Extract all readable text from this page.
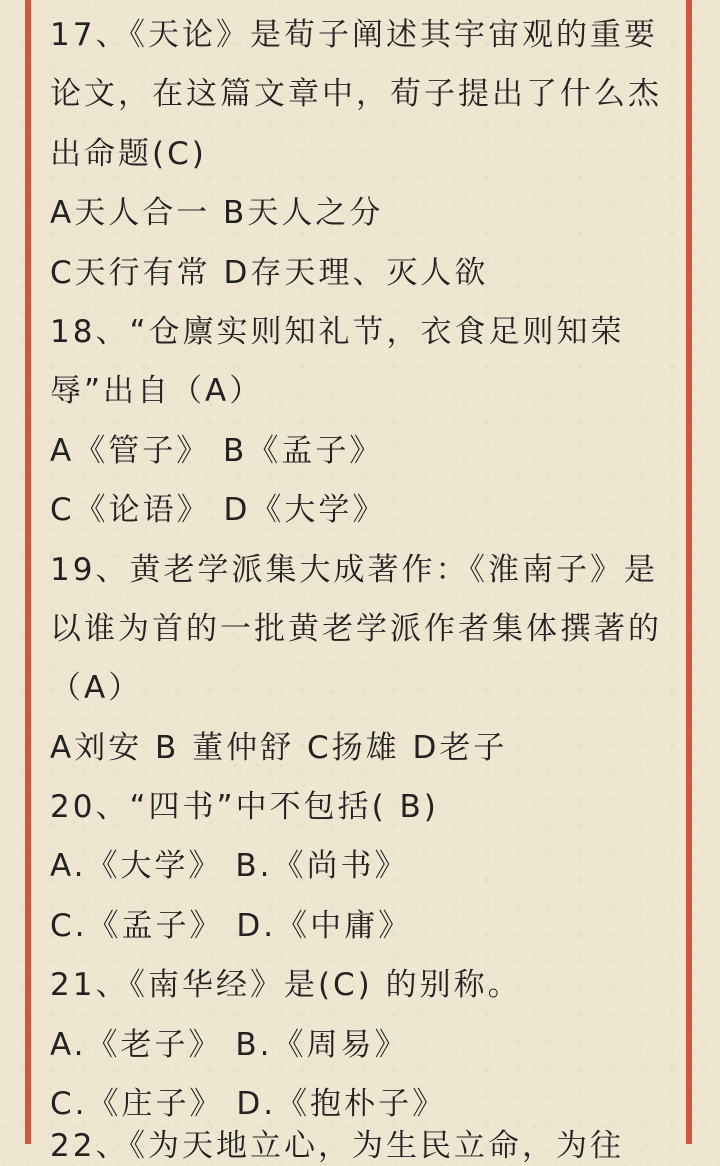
17、《天论》是荀子阐述其宇宙观的重要
论文，在这篇文章中，荀子提出了什么杰
出命题(C)
A天人合一 B天人之分
C天行有常 D存天理、灭人欲
18、“仓廪实则知礼节，衣食足则知荣
辱”出自（A）
A《管子》 B《孟子》
C《论语》 D《大学》
19、黄老学派集大成著作：《淮南子》是
以谁为首的一批黄老学派作者集体撰著的
（A）
A刘安 B 董仲舒 C扬雄 D老子
20、“四书”中不包括( B)
A.《大学》 B.《尚书》
C.《孟子》 D.《中庸》
21、《南华经》是(C) 的别称。
A.《老子》 B.《周易》
C.《庄子》 D.《抱朴子》
22、《为天地立心，为生民立命，为往
